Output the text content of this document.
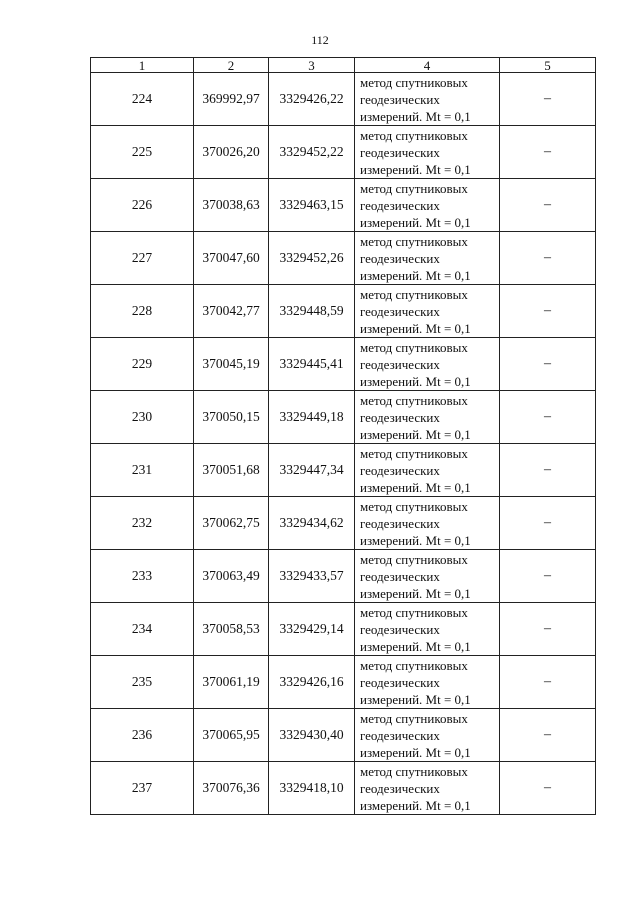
112
1	2	3	4	5
224	369992,97	3329426,22	метод спутниковых
геодезических
измерений. Mt = 0,1	–
225	370026,20	3329452,22	метод спутниковых
геодезических
измерений. Mt = 0,1	–
226	370038,63	3329463,15	метод спутниковых
геодезических
измерений. Mt = 0,1	–
227	370047,60	3329452,26	метод спутниковых
геодезических
измерений. Mt = 0,1	–
228	370042,77	3329448,59	метод спутниковых
геодезических
измерений. Mt = 0,1	–
229	370045,19	3329445,41	метод спутниковых
геодезических
измерений. Mt = 0,1	–
230	370050,15	3329449,18	метод спутниковых
геодезических
измерений. Mt = 0,1	–
231	370051,68	3329447,34	метод спутниковых
геодезических
измерений. Mt = 0,1	–
232	370062,75	3329434,62	метод спутниковых
геодезических
измерений. Mt = 0,1	–
233	370063,49	3329433,57	метод спутниковых
геодезических
измерений. Mt = 0,1	–
234	370058,53	3329429,14	метод спутниковых
геодезических
измерений. Mt = 0,1	–
235	370061,19	3329426,16	метод спутниковых
геодезических
измерений. Mt = 0,1	–
236	370065,95	3329430,40	метод спутниковых
геодезических
измерений. Mt = 0,1	–
237	370076,36	3329418,10	метод спутниковых
геодезических
измерений. Mt = 0,1	–
